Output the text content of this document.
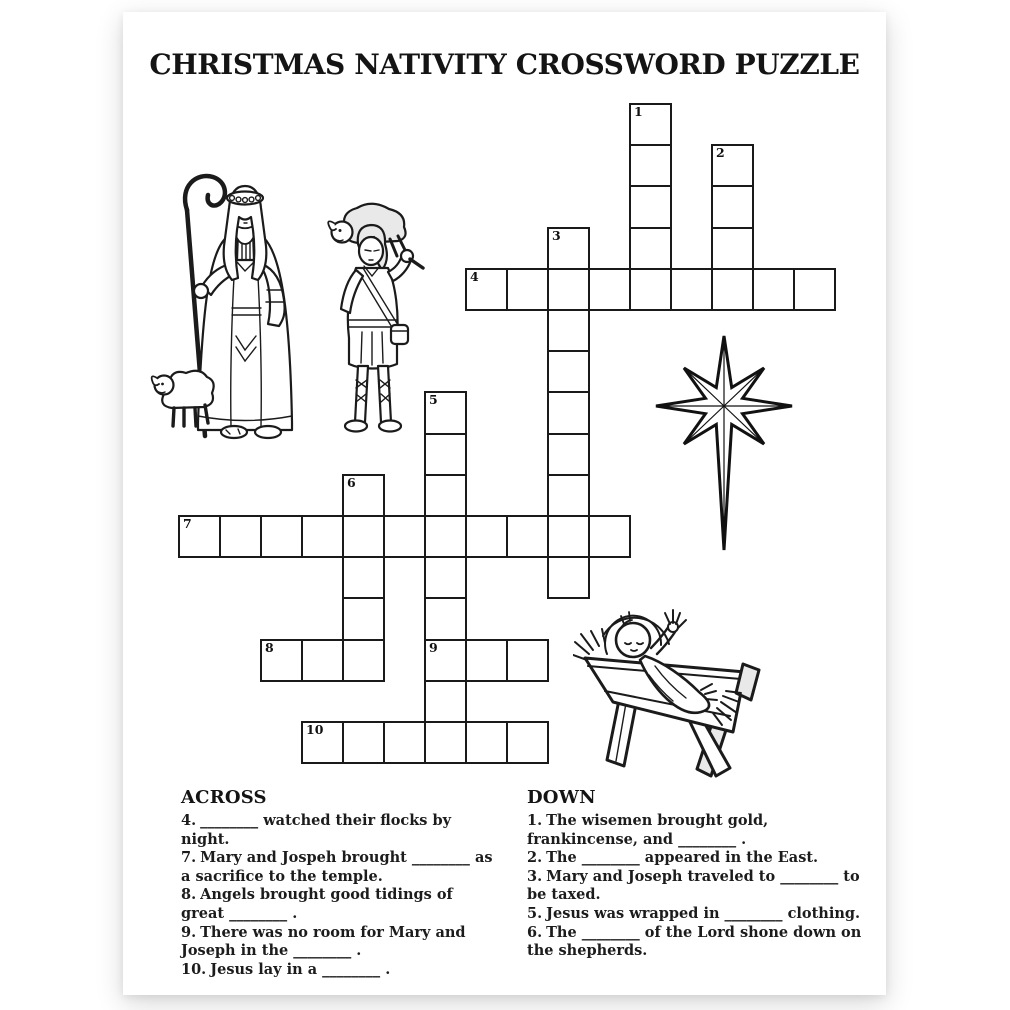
CHRISTMAS NATIVITY CROSSWORD PUZZLE
1
2
3
4
5
9
6
7
8
10
ACROSS
4. ________ watched their flocks by night.
7. Mary and Jospeh brought ________ as a sacrifice to the temple.
8. Angels brought good tidings of great ________ .
9. There was no room for Mary and Joseph in the ________ .
10. Jesus lay in a ________ .
DOWN
1. The wisemen brought gold, frankincense, and ________ .
2. The ________ appeared in the East.
3. Mary and Joseph traveled to ________ to be taxed.
5. Jesus was wrapped in ________ clothing.
6. The ________ of the Lord shone down on the shepherds.
